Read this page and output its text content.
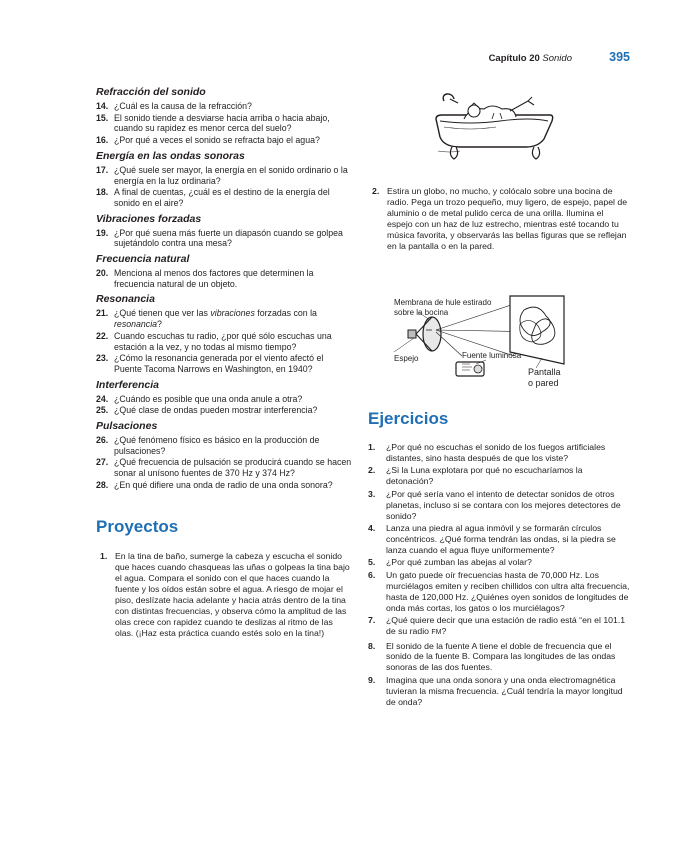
Capítulo 20 Sonido	395
Refracción del sonido
14. ¿Cuál es la causa de la refracción?
15. El sonido tiende a desviarse hacia arriba o hacia abajo, cuando su rapidez es menor cerca del suelo?
16. ¿Por qué a veces el sonido se refracta bajo el agua?
Energía en las ondas sonoras
17. ¿Qué suele ser mayor, la energía en el sonido ordinario o la energía en la luz ordinaria?
18. A final de cuentas, ¿cuál es el destino de la energía del sonido en el aire?
Vibraciones forzadas
19. ¿Por qué suena más fuerte un diapasón cuando se golpea sujetándolo contra una mesa?
Frecuencia natural
20. Menciona al menos dos factores que determinen la frecuencia natural de un objeto.
Resonancia
21. ¿Qué tienen que ver las vibraciones forzadas con la resonancia?
22. Cuando escuchas tu radio, ¿por qué sólo escuchas una estación a la vez, y no todas al mismo tiempo?
23. ¿Cómo la resonancia generada por el viento afectó el Puente Tacoma Narrows en Washington, en 1940?
Interferencia
24. ¿Cuándo es posible que una onda anule a otra?
25. ¿Qué clase de ondas pueden mostrar interferencia?
Pulsaciones
26. ¿Qué fenómeno físico es básico en la producción de pulsaciones?
27. ¿Qué frecuencia de pulsación se producirá cuando se hacen sonar al unísono fuentes de 370 Hz y 374 Hz?
28. ¿En qué difiere una onda de radio de una onda sonora?
Proyectos
1. En la tina de baño, sumerge la cabeza y escucha el sonido que haces cuando chasqueas las uñas o golpeas la tina bajo el agua. Compara el sonido con el que haces cuando la fuente y los oídos están sobre el agua. A riesgo de mojar el piso, deslízate hacia adelante y hacia atrás dentro de la tina con distintas frecuencias, y observa cómo la amplitud de las olas crece con rapidez cuando te deslizas al ritmo de las olas. (¡Haz esta práctica cuando estés solo en la tina!)
2. Estira un globo, no mucho, y colócalo sobre una bocina de radio. Pega un trozo pequeño, muy ligero, de espejo, papel de aluminio o de metal pulido cerca de una orilla. Ilumina el espejo con un haz de luz estrecho, mientras esté tocando tu música favorita, y observarás las bellas figuras que se reflejan en la pantalla o en la pared.
Membrana de hule estirado
sobre la bocina
Espejo	Fuente luminosa
Pantalla
o pared
Ejercicios
1. ¿Por qué no escuchas el sonido de los fuegos artificiales distantes, sino hasta después de que los viste?
2. ¿Si la Luna explotara por qué no escucharíamos la detonación?
3. ¿Por qué sería vano el intento de detectar sonidos de otros planetas, incluso si se contara con los mejores detectores de sonido?
4. Lanza una piedra al agua inmóvil y se formarán círculos concéntricos. ¿Qué forma tendrán las ondas, si la piedra se lanza cuando el agua fluye uniformemente?
5. ¿Por qué zumban las abejas al volar?
6. Un gato puede oír frecuencias hasta de 70,000 Hz. Los murciélagos emiten y reciben chillidos con ultra alta frecuencia, hasta de 120,000 Hz. ¿Quiénes oyen sonidos de longitudes de onda más cortas, los gatos o los murciélagos?
7. ¿Qué quiere decir que una estación de radio está “en el 101.1 de su radio FM?
8. El sonido de la fuente A tiene el doble de frecuencia que el sonido de la fuente B. Compara las longitudes de las ondas sonoras de las dos fuentes.
9. Imagina que una onda sonora y una onda electromagnética tuvieran la misma frecuencia. ¿Cuál tendría la mayor longitud de onda?
